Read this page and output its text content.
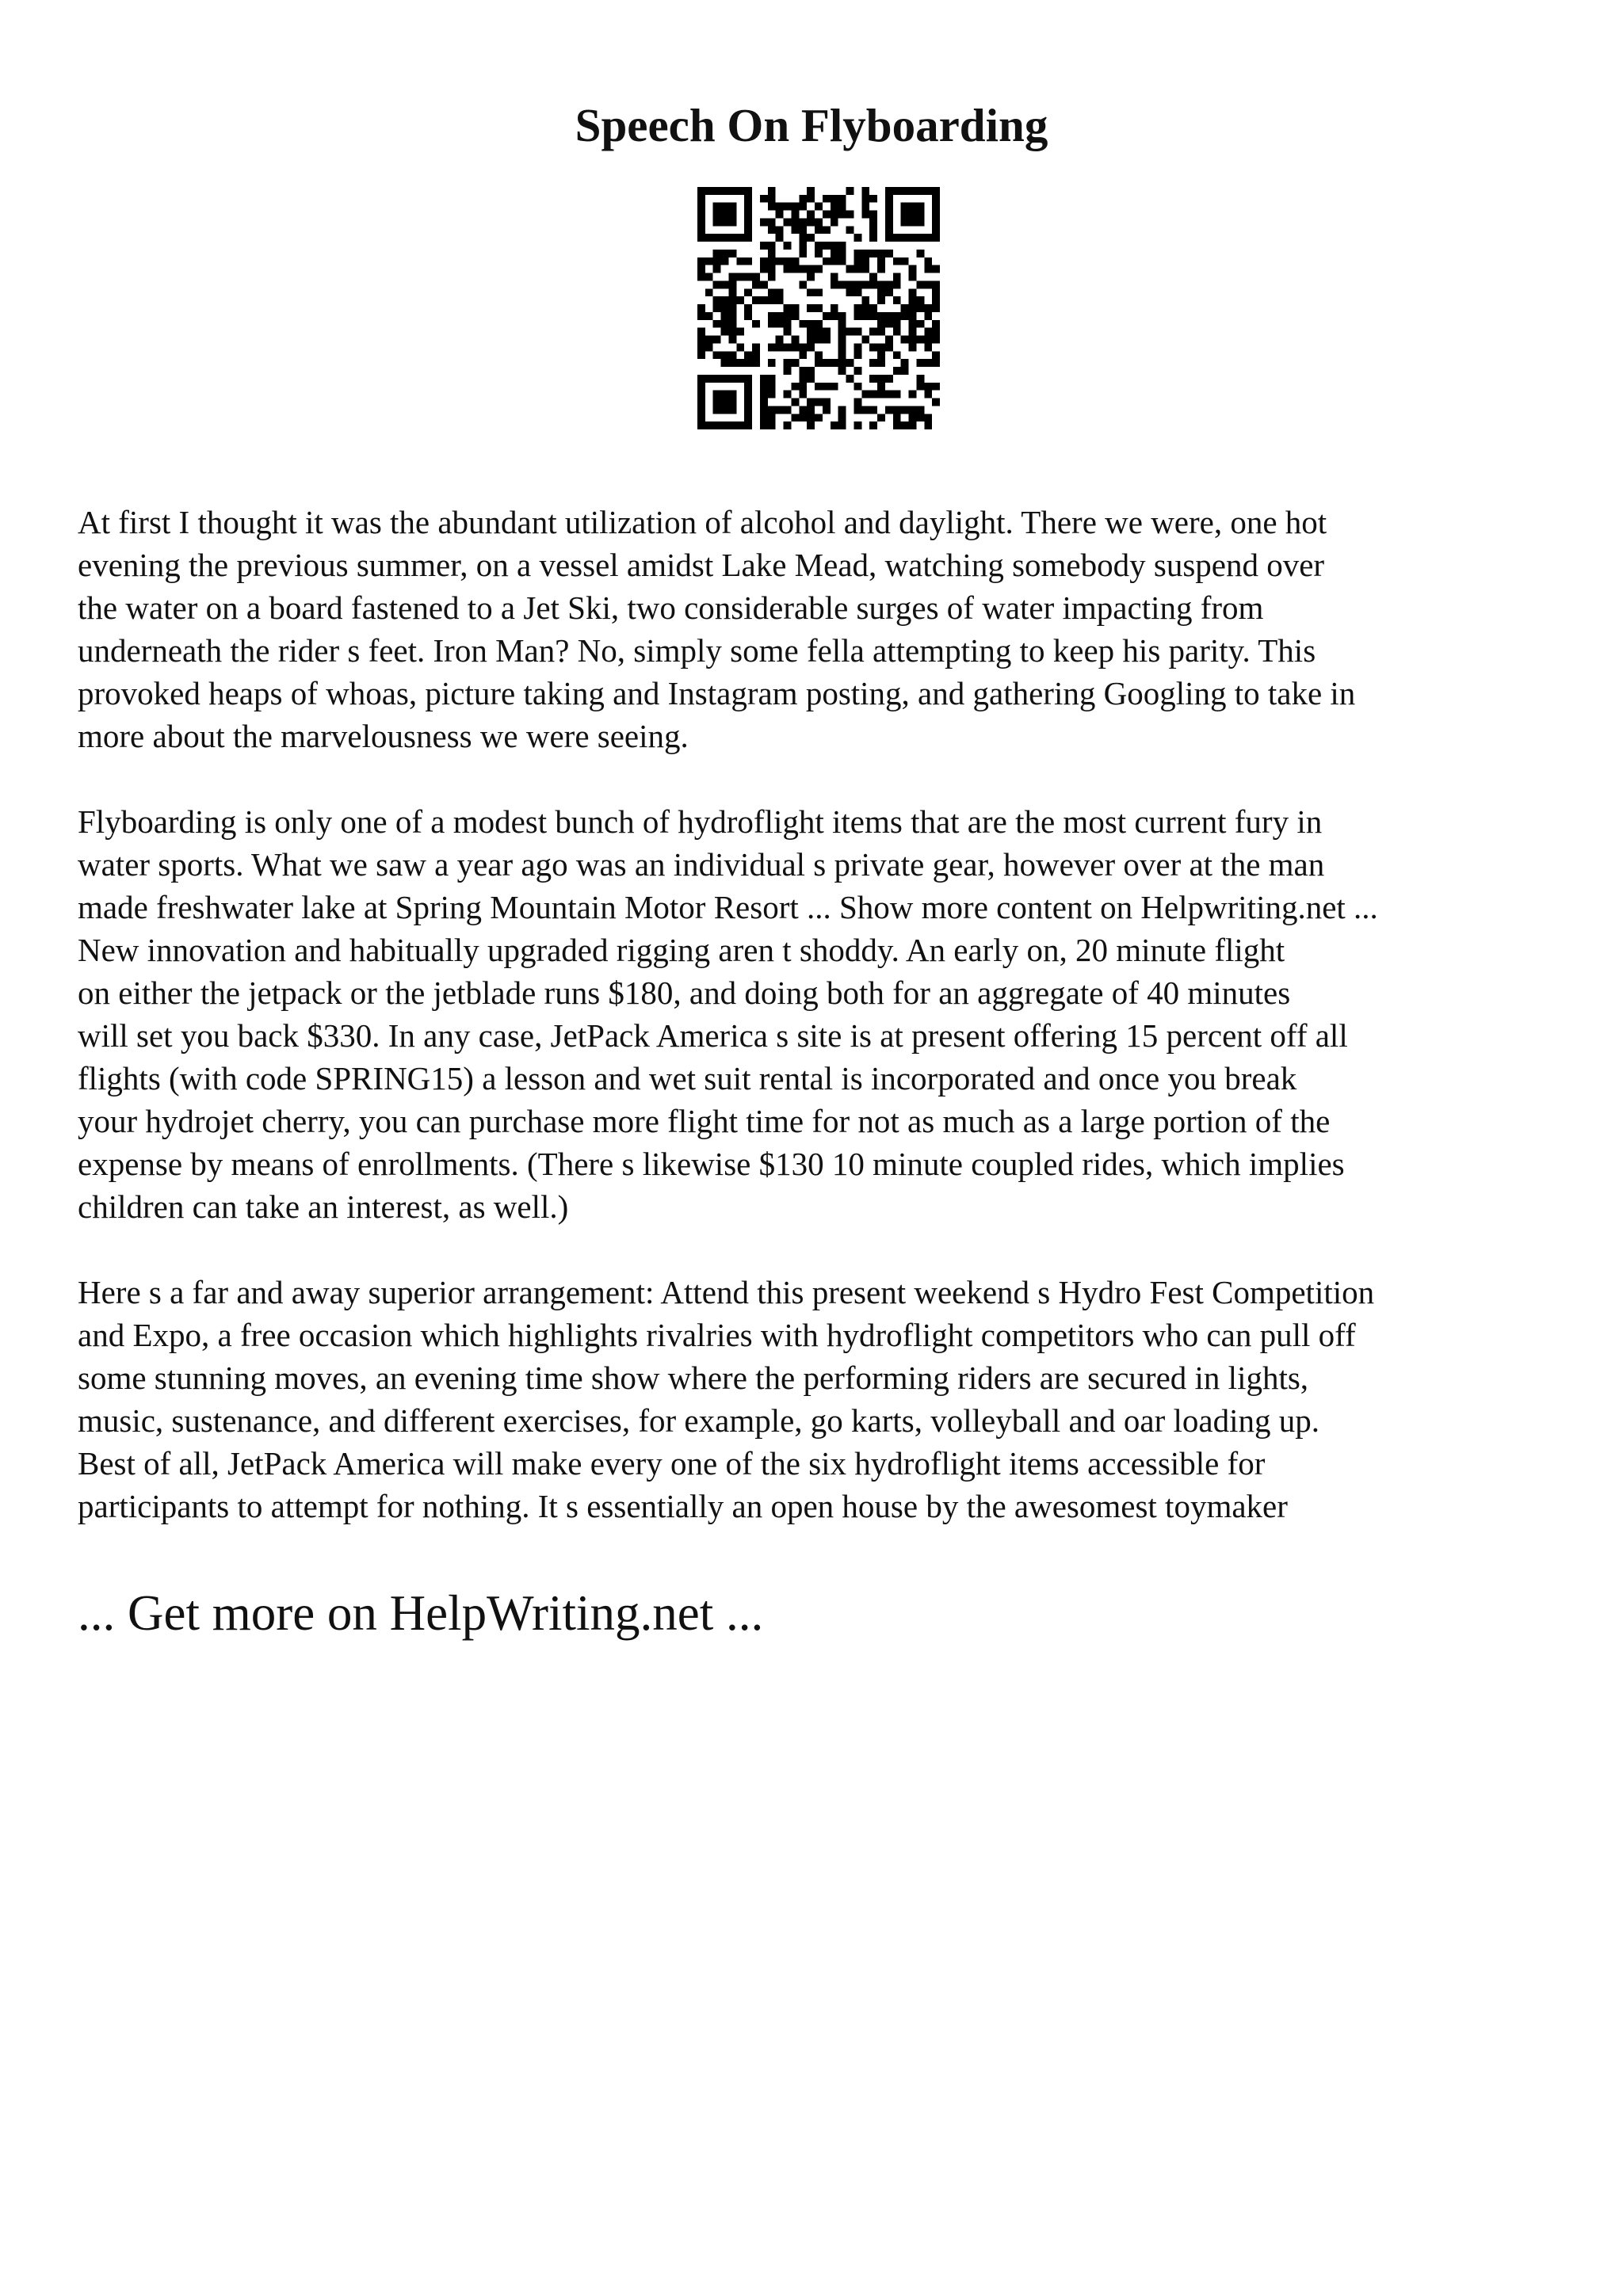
Speech On Flyboarding

At first I thought it was the abundant utilization of alcohol and daylight. There we were, one hot
evening the previous summer, on a vessel amidst Lake Mead, watching somebody suspend over
the water on a board fastened to a Jet Ski, two considerable surges of water impacting from
underneath the rider s feet. Iron Man? No, simply some fella attempting to keep his parity. This
provoked heaps of whoas, picture taking and Instagram posting, and gathering Googling to take in
more about the marvelousness we were seeing.

Flyboarding is only one of a modest bunch of hydroflight items that are the most current fury in
water sports. What we saw a year ago was an individual s private gear, however over at the man
made freshwater lake at Spring Mountain Motor Resort ... Show more content on Helpwriting.net ...
New innovation and habitually upgraded rigging aren t shoddy. An early on, 20 minute flight
on either the jetpack or the jetblade runs $180, and doing both for an aggregate of 40 minutes
will set you back $330. In any case, JetPack America s site is at present offering 15 percent off all
flights (with code SPRING15) a lesson and wet suit rental is incorporated and once you break
your hydrojet cherry, you can purchase more flight time for not as much as a large portion of the
expense by means of enrollments. (There s likewise $130 10 minute coupled rides, which implies
children can take an interest, as well.)

Here s a far and away superior arrangement: Attend this present weekend s Hydro Fest Competition
and Expo, a free occasion which highlights rivalries with hydroflight competitors who can pull off
some stunning moves, an evening time show where the performing riders are secured in lights,
music, sustenance, and different exercises, for example, go karts, volleyball and oar loading up.
Best of all, JetPack America will make every one of the six hydroflight items accessible for
participants to attempt for nothing. It s essentially an open house by the awesomest toymaker

... Get more on HelpWriting.net ...
